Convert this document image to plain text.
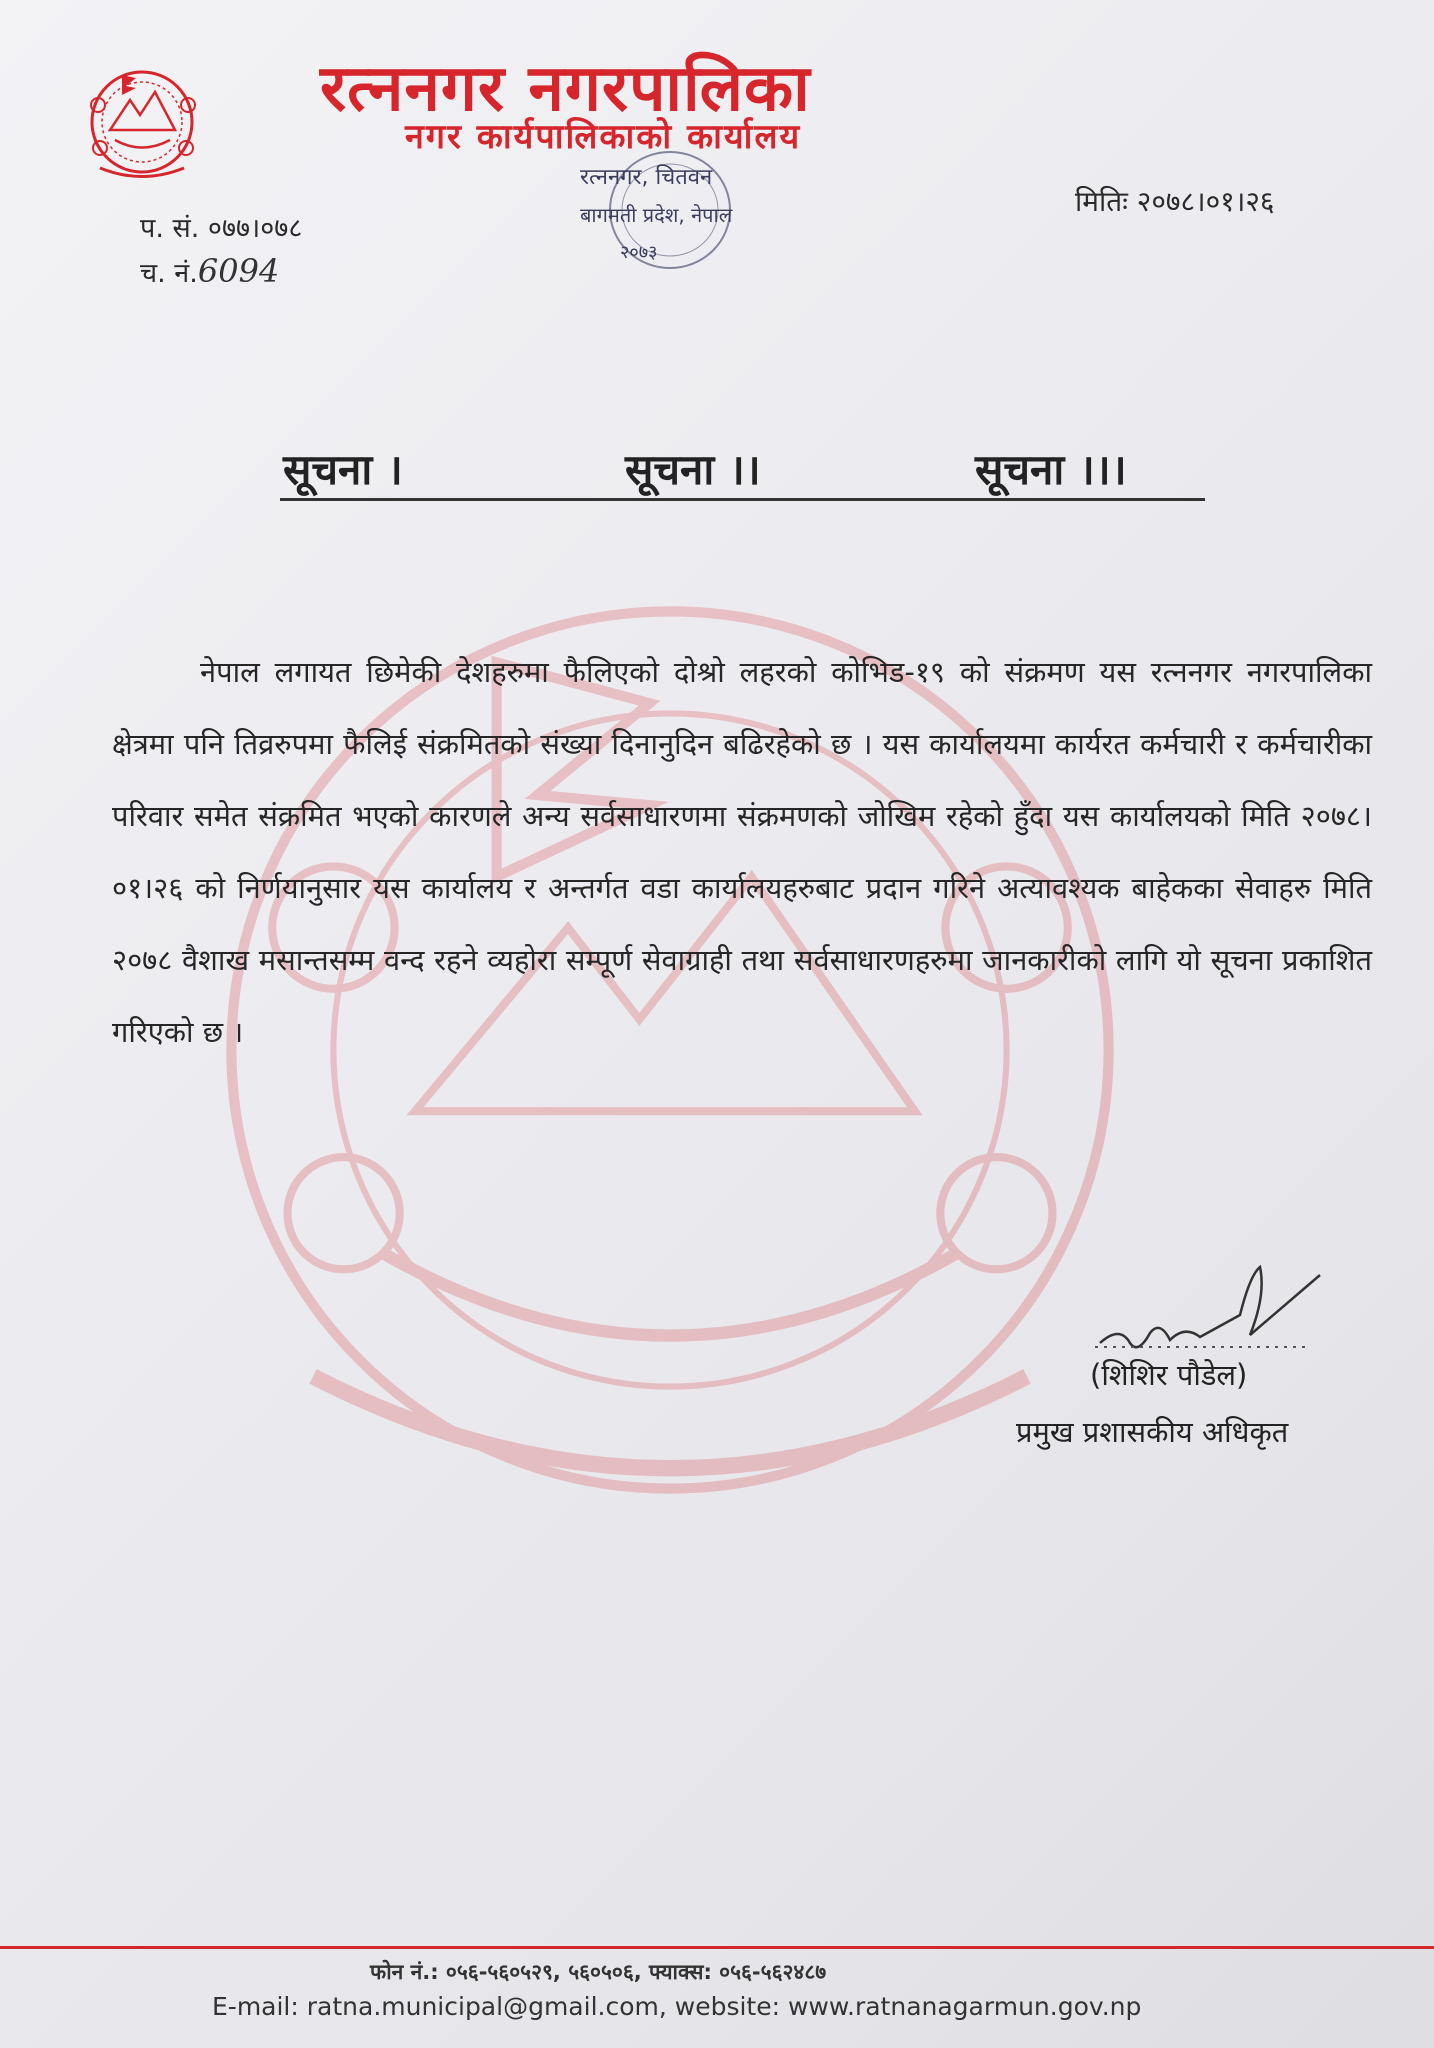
रत्ननगर नगरपालिका
नगर कार्यपालिकाको कार्यालय
रत्ननगर, चितवन
बागमती प्रदेश, नेपाल
२०७३
प. सं. ०७७।०७८
च. नं.6094
मितिः २०७८।०१।२६
सूचना ।	सूचना ।।	सूचना ।।।

नेपाल लगायत छिमेकी देशहरुमा फैलिएको दोश्रो लहरको कोभिड-१९ को संक्रमण यस रत्ननगर नगरपालिका क्षेत्रमा पनि तिव्ररुपमा फैलिई संक्रमितको संख्या दिनानुदिन बढिरहेको छ । यस कार्यालयमा कार्यरत कर्मचारी र कर्मचारीका परिवार समेत संक्रमित भएको कारणले अन्य सर्वसाधारणमा संक्रमणको जोखिम रहेको हुँदा यस कार्यालयको मिति २०७८।०१।२६ को निर्णयानुसार यस कार्यालय र अन्तर्गत वडा कार्यालयहरुबाट प्रदान गरिने अत्यावश्यक बाहेकका सेवाहरु मिति २०७८ वैशाख मसान्तसम्म वन्द रहने व्यहोरा सम्पूर्ण सेवाग्राही तथा सर्वसाधारणहरुमा जानकारीको लागि यो सूचना प्रकाशित गरिएको छ ।

(शिशिर पौडेल)
प्रमुख प्रशासकीय अधिकृत
फोन नं.: ०५६-५६०५२९, ५६०५०६, फ्याक्स: ०५६-५६२४८७
E-mail: ratna.municipal@gmail.com, website: www.ratnanagarmun.gov.np
